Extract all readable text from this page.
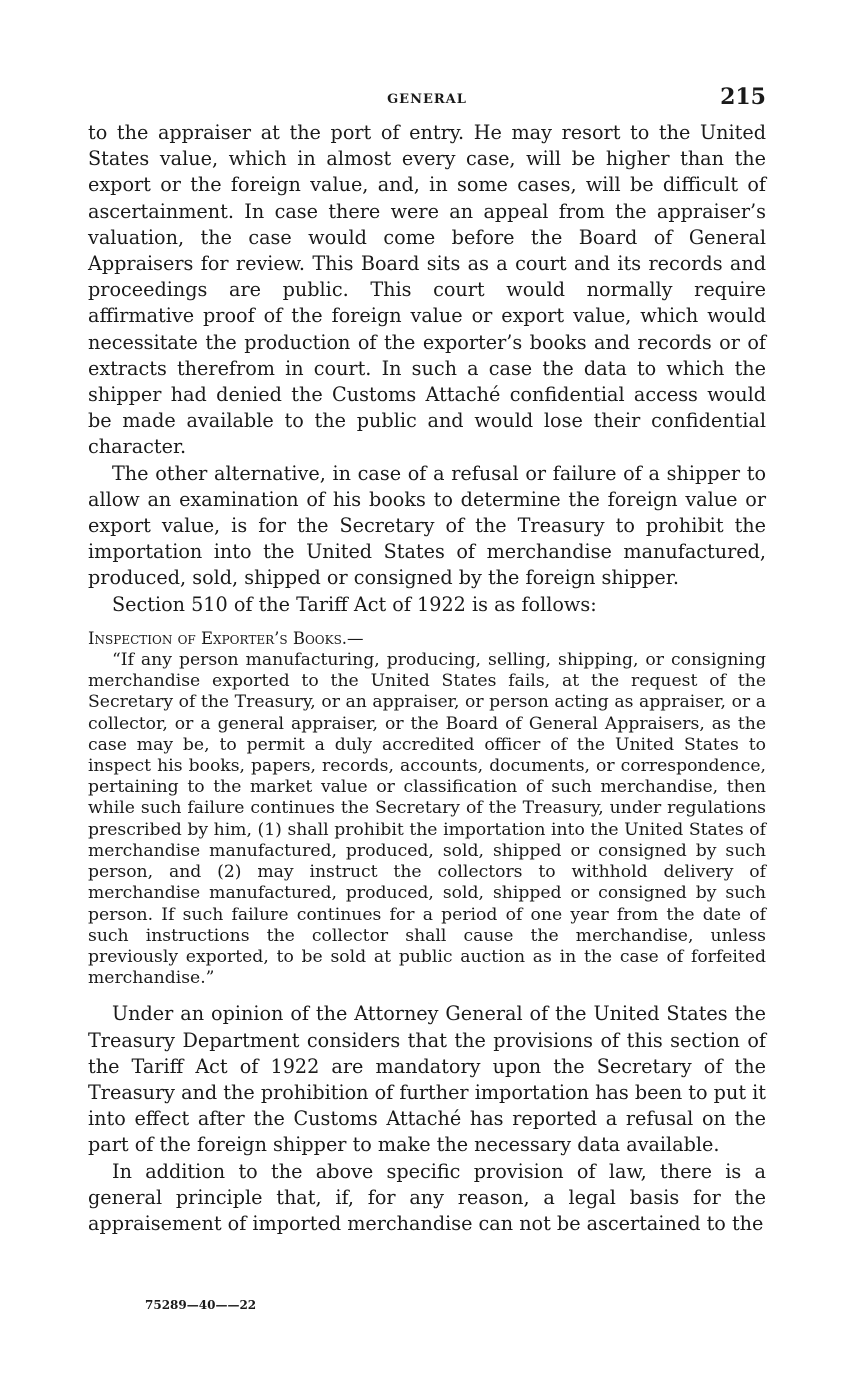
GENERAL	215

to the appraiser at the port of entry. He may resort to the United States value, which in almost every case, will be higher than the export or the foreign value, and, in some cases, will be difficult of ascertainment. In case there were an appeal from the appraiser’s valuation, the case would come before the Board of General Appraisers for review. This Board sits as a court and its records and proceedings are public. This court would normally require affirmative proof of the foreign value or export value, which would necessitate the production of the exporter’s books and records or of extracts therefrom in court. In such a case the data to which the shipper had denied the Customs Attaché confidential access would be made available to the public and would lose their confidential character.

The other alternative, in case of a refusal or failure of a shipper to allow an examination of his books to determine the foreign value or export value, is for the Secretary of the Treasury to prohibit the importation into the United States of merchandise manufactured, produced, sold, shipped or consigned by the foreign shipper.

Section 510 of the Tariff Act of 1922 is as follows:

Inspection of Exporter’s Books.—

“If any person manufacturing, producing, selling, shipping, or consigning merchandise exported to the United States fails, at the request of the Secretary of the Treasury, or an appraiser, or person acting as appraiser, or a collector, or a general appraiser, or the Board of General Appraisers, as the case may be, to permit a duly accredited officer of the United States to inspect his books, papers, records, accounts, documents, or correspondence, pertaining to the market value or classification of such merchandise, then while such failure continues the Secretary of the Treasury, under regulations prescribed by him, (1) shall prohibit the importation into the United States of merchandise manufactured, produced, sold, shipped or consigned by such person, and (2) may instruct the collectors to withhold delivery of merchandise manufactured, produced, sold, shipped or consigned by such person. If such failure continues for a period of one year from the date of such instructions the collector shall cause the merchandise, unless previously exported, to be sold at public auction as in the case of forfeited merchandise.”

Under an opinion of the Attorney General of the United States the Treasury Department considers that the provisions of this section of the Tariff Act of 1922 are mandatory upon the Secretary of the Treasury and the prohibition of further importation has been to put it into effect after the Customs Attaché has reported a refusal on the part of the foreign shipper to make the necessary data available.

In addition to the above specific provision of law, there is a general principle that, if, for any reason, a legal basis for the appraisement of imported merchandise can not be ascertained to the

75289—40——22
